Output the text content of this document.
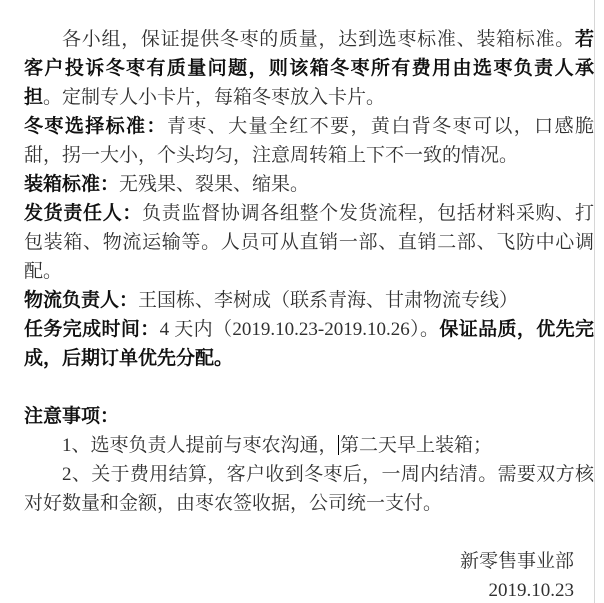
各小组，保证提供冬枣的质量，达到选枣标准、装箱标准。若客户投诉冬枣有质量问题，则该箱冬枣所有费用由选枣负责人承担。定制专人小卡片，每箱冬枣放入卡片。

冬枣选择标准：青枣、大量全红不要，黄白背冬枣可以，口感脆甜，拐一大小，个头均匀，注意周转箱上下不一致的情况。

装箱标准：无残果、裂果、缩果。

发货责任人：负责监督协调各组整个发货流程，包括材料采购、打包装箱、物流运输等。人员可从直销一部、直销二部、飞防中心调配。

物流负责人：王国栋、李树成（联系青海、甘肃物流专线）

任务完成时间：4 天内（2019.10.23-2019.10.26）。保证品质，优先完成，后期订单优先分配。

注意事项：

1、选枣负责人提前与枣农沟通， 第二天早上装箱；

2、关于费用结算，客户收到冬枣后，一周内结清。需要双方核对好数量和金额，由枣农签收据，公司统一支付。

新零售事业部

2019.10.23
